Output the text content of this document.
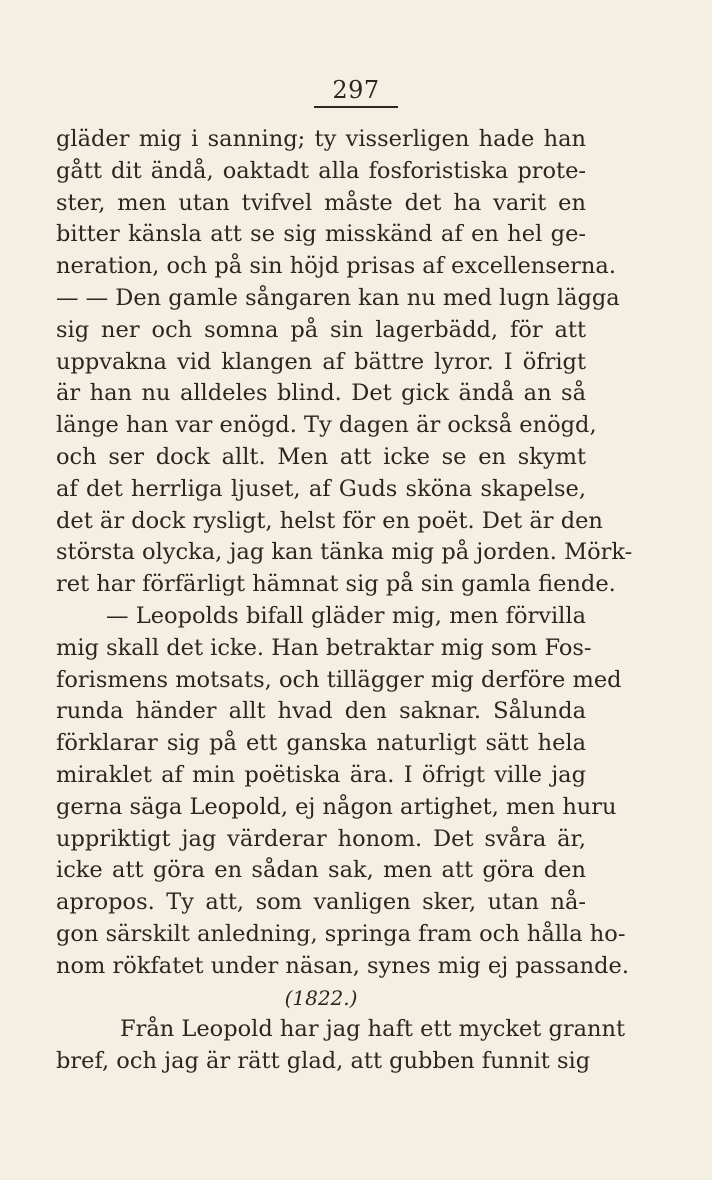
297
gläder mig i sanning; ty visserligen hade han
gått dit ändå, oaktadt alla fosforistiska prote-
ster, men utan tvifvel måste det ha varit en
bitter känsla att se sig misskänd af en hel ge-
neration, och på sin höjd prisas af excellenserna.
— — Den gamle sångaren kan nu med lugn lägga
sig ner och somna på sin lagerbädd, för att
uppvakna vid klangen af bättre lyror. I öfrigt
är han nu alldeles blind. Det gick ändå an så
länge han var enögd. Ty dagen är också enögd,
och ser dock allt. Men att icke se en skymt
af det herrliga ljuset, af Guds sköna skapelse,
det är dock rysligt, helst för en poët. Det är den
största olycka, jag kan tänka mig på jorden. Mörk-
ret har förfärligt hämnat sig på sin gamla fiende.
— Leopolds bifall gläder mig, men förvilla
mig skall det icke. Han betraktar mig som Fos-
forismens motsats, och tillägger mig derföre med
runda händer allt hvad den saknar. Sålunda
förklarar sig på ett ganska naturligt sätt hela
miraklet af min poëtiska ära. I öfrigt ville jag
gerna säga Leopold, ej någon artighet, men huru
uppriktigt jag värderar honom. Det svåra är,
icke att göra en sådan sak, men att göra den
apropos. Ty att, som vanligen sker, utan nå-
gon särskilt anledning, springa fram och hålla ho-
nom rökfatet under näsan, synes mig ej passande.
(1822.)
Från Leopold har jag haft ett mycket grannt
bref, och jag är rätt glad, att gubben funnit sig
